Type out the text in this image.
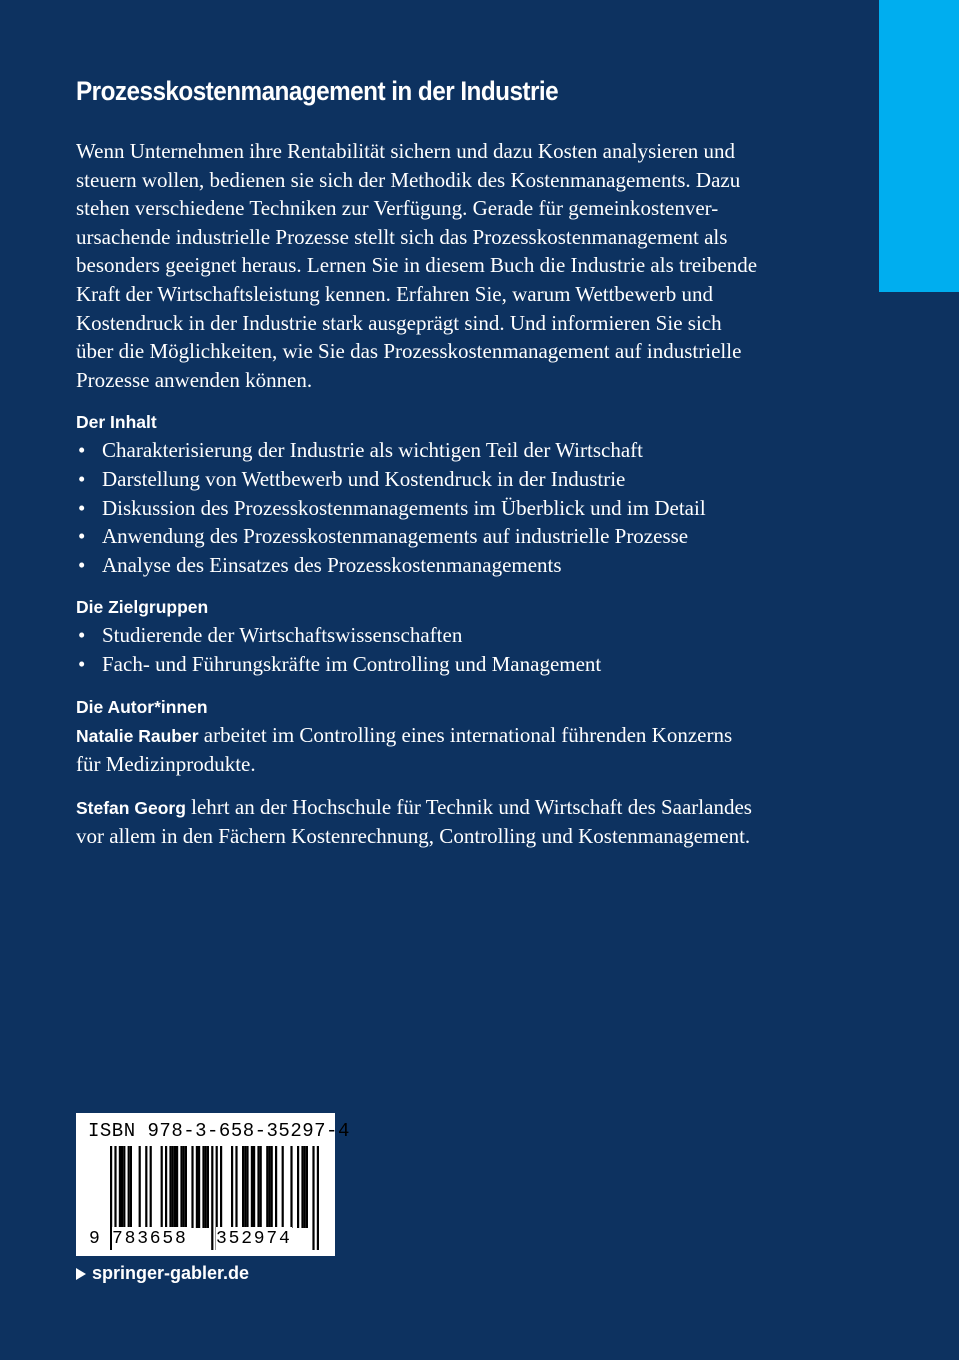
Prozesskostenmanagement in der Industrie
Wenn Unternehmen ihre Rentabilität sichern und dazu Kosten analysieren und
steuern wollen, bedienen sie sich der Methodik des Kostenmanagements. Dazu
stehen verschiedene Techniken zur Verfügung. Gerade für gemeinkostenver-
ursachende industrielle Prozesse stellt sich das Prozesskostenmanagement als
besonders geeignet heraus. Lernen Sie in diesem Buch die Industrie als treibende
Kraft der Wirtschaftsleistung kennen. Erfahren Sie, warum Wettbewerb und
Kostendruck in der Industrie stark ausgeprägt sind. Und informieren Sie sich
über die Möglichkeiten, wie Sie das Prozesskostenmanagement auf industrielle
Prozesse anwenden können.
Der Inhalt
• Charakterisierung der Industrie als wichtigen Teil der Wirtschaft
• Darstellung von Wettbewerb und Kostendruck in der Industrie
• Diskussion des Prozesskostenmanagements im Überblick und im Detail
• Anwendung des Prozesskostenmanagements auf industrielle Prozesse
• Analyse des Einsatzes des Prozesskostenmanagements
Die Zielgruppen
• Studierende der Wirtschaftswissenschaften
• Fach- und Führungskräfte im Controlling und Management
Die Autor*innen
Natalie Rauber arbeitet im Controlling eines international führenden Konzerns
für Medizinprodukte.
Stefan Georg lehrt an der Hochschule für Technik und Wirtschaft des Saarlandes
vor allem in den Fächern Kostenrechnung, Controlling und Kostenmanagement.
ISBN 978-3-658-35297-4
9 783658 352974
springer-gabler.de
